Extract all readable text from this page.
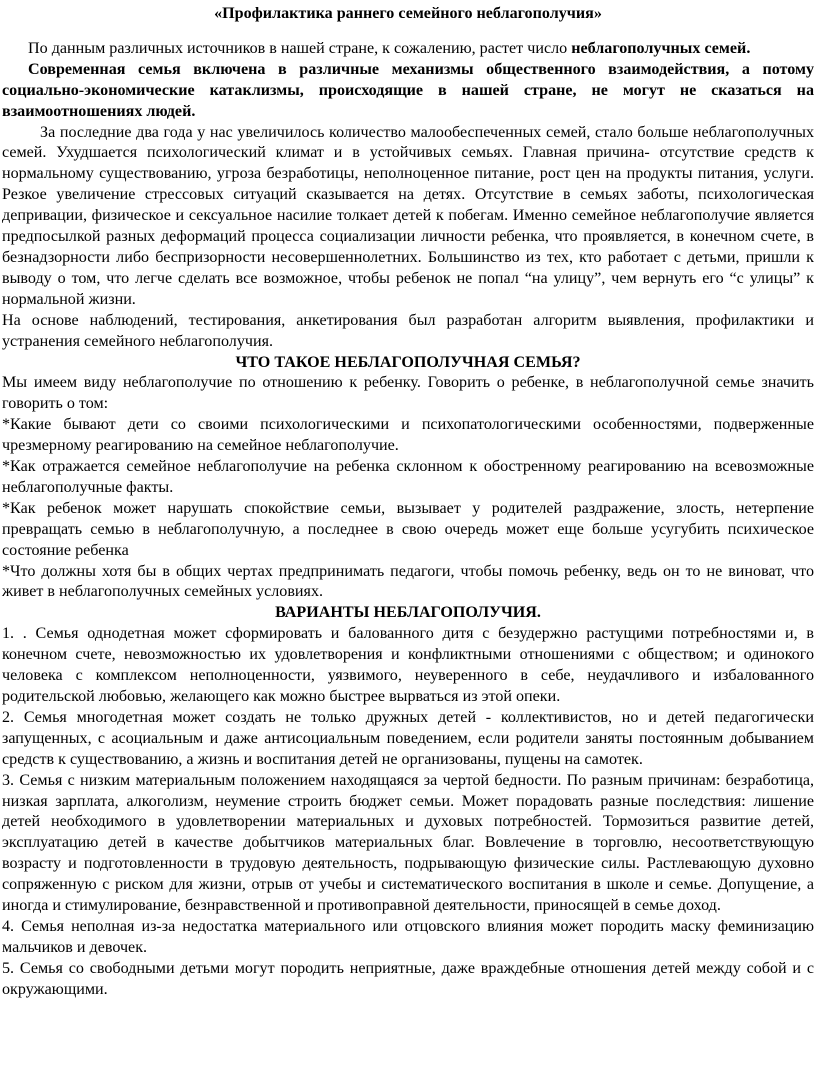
«Профилактика раннего семейного неблагополучия»

По данным различных источников в нашей стране, к сожалению, растет число неблагополучных семей.

Современная семья включена в различные механизмы общественного взаимодействия, а потому социально-экономические катаклизмы, происходящие в нашей стране, не могут не сказаться на взаимоотношениях людей.

За последние два года у нас увеличилось количество малообеспеченных семей, стало больше неблагополучных семей. Ухудшается психологический климат и в устойчивых семьях. Главная причина- отсутствие средств к нормальному существованию, угроза безработицы, неполноценное питание, рост цен на продукты питания, услуги. Резкое увеличение стрессовых ситуаций сказывается на детях. Отсутствие в семьях заботы, психологическая депривации, физическое и сексуальное насилие толкает детей к побегам. Именно семейное неблагополучие является предпосылкой разных деформаций процесса социализации личности ребенка, что проявляется, в конечном счете, в безнадзорности либо беспризорности несовершеннолетних. Большинство из тех, кто работает с детьми, пришли к выводу о том, что легче сделать все возможное, чтобы ребенок не попал “на улицу”, чем вернуть его “с улицы” к нормальной жизни.

На основе наблюдений, тестирования, анкетирования был разработан алгоритм выявления, профилактики и устранения семейного неблагополучия.

ЧТО ТАКОЕ НЕБЛАГОПОЛУЧНАЯ СЕМЬЯ?

Мы имеем виду неблагополучие по отношению к ребенку. Говорить о ребенке, в неблагополучной семье значить говорить о том:

*Какие бывают дети со своими психологическими и психопатологическими особенностями, подверженные чрезмерному реагированию на семейное неблагополучие.

*Как отражается семейное неблагополучие на ребенка склонном к обостренному реагированию на всевозможные неблагополучные факты.

*Как ребенок может нарушать спокойствие семьи, вызывает у родителей раздражение, злость, нетерпение превращать семью в неблагополучную, а последнее в свою очередь может еще больше усугубить психическое состояние ребенка

*Что должны хотя бы в общих чертах предпринимать педагоги, чтобы помочь ребенку, ведь он то не виноват, что живет в неблагополучных семейных условиях.

ВАРИАНТЫ НЕБЛАГОПОЛУЧИЯ.

1. . Семья однодетная может сформировать и балованного дитя с безудержно растущими потребностями и, в конечном счете, невозможностью их удовлетворения и конфликтными отношениями с обществом; и одинокого человека с комплексом неполноценности, уязвимого, неуверенного в себе, неудачливого и избалованного родительской любовью, желающего как можно быстрее вырваться из этой опеки.

2. Семья многодетная может создать не только дружных детей - коллективистов, но и детей педагогически запущенных, с асоциальным и даже антисоциальным поведением, если родители заняты постоянным добыванием средств к существованию, а жизнь и воспитания детей не организованы, пущены на самотек.

3. Семья с низким материальным положением находящаяся за чертой бедности. По разным причинам: безработица, низкая зарплата, алкоголизм, неумение строить бюджет семьи. Может порадовать разные последствия: лишение детей необходимого в удовлетворении материальных и духовых потребностей. Тормозиться развитие детей, эксплуатацию детей в качестве добытчиков материальных благ. Вовлечение в торговлю, несоответствующую возрасту и подготовленности в трудовую деятельность, подрывающую физические силы. Растлевающую духовно сопряженную с риском для жизни, отрыв от учебы и систематического воспитания в школе и семье. Допущение, а иногда и стимулирование, безнравственной и противоправной деятельности, приносящей в семье доход.

4. Семья неполная из-за недостатка материального или отцовского влияния может породить маску феминизацию мальчиков и девочек.

5. Семья со свободными детьми могут породить неприятные, даже враждебные отношения детей между собой и с окружающими.
